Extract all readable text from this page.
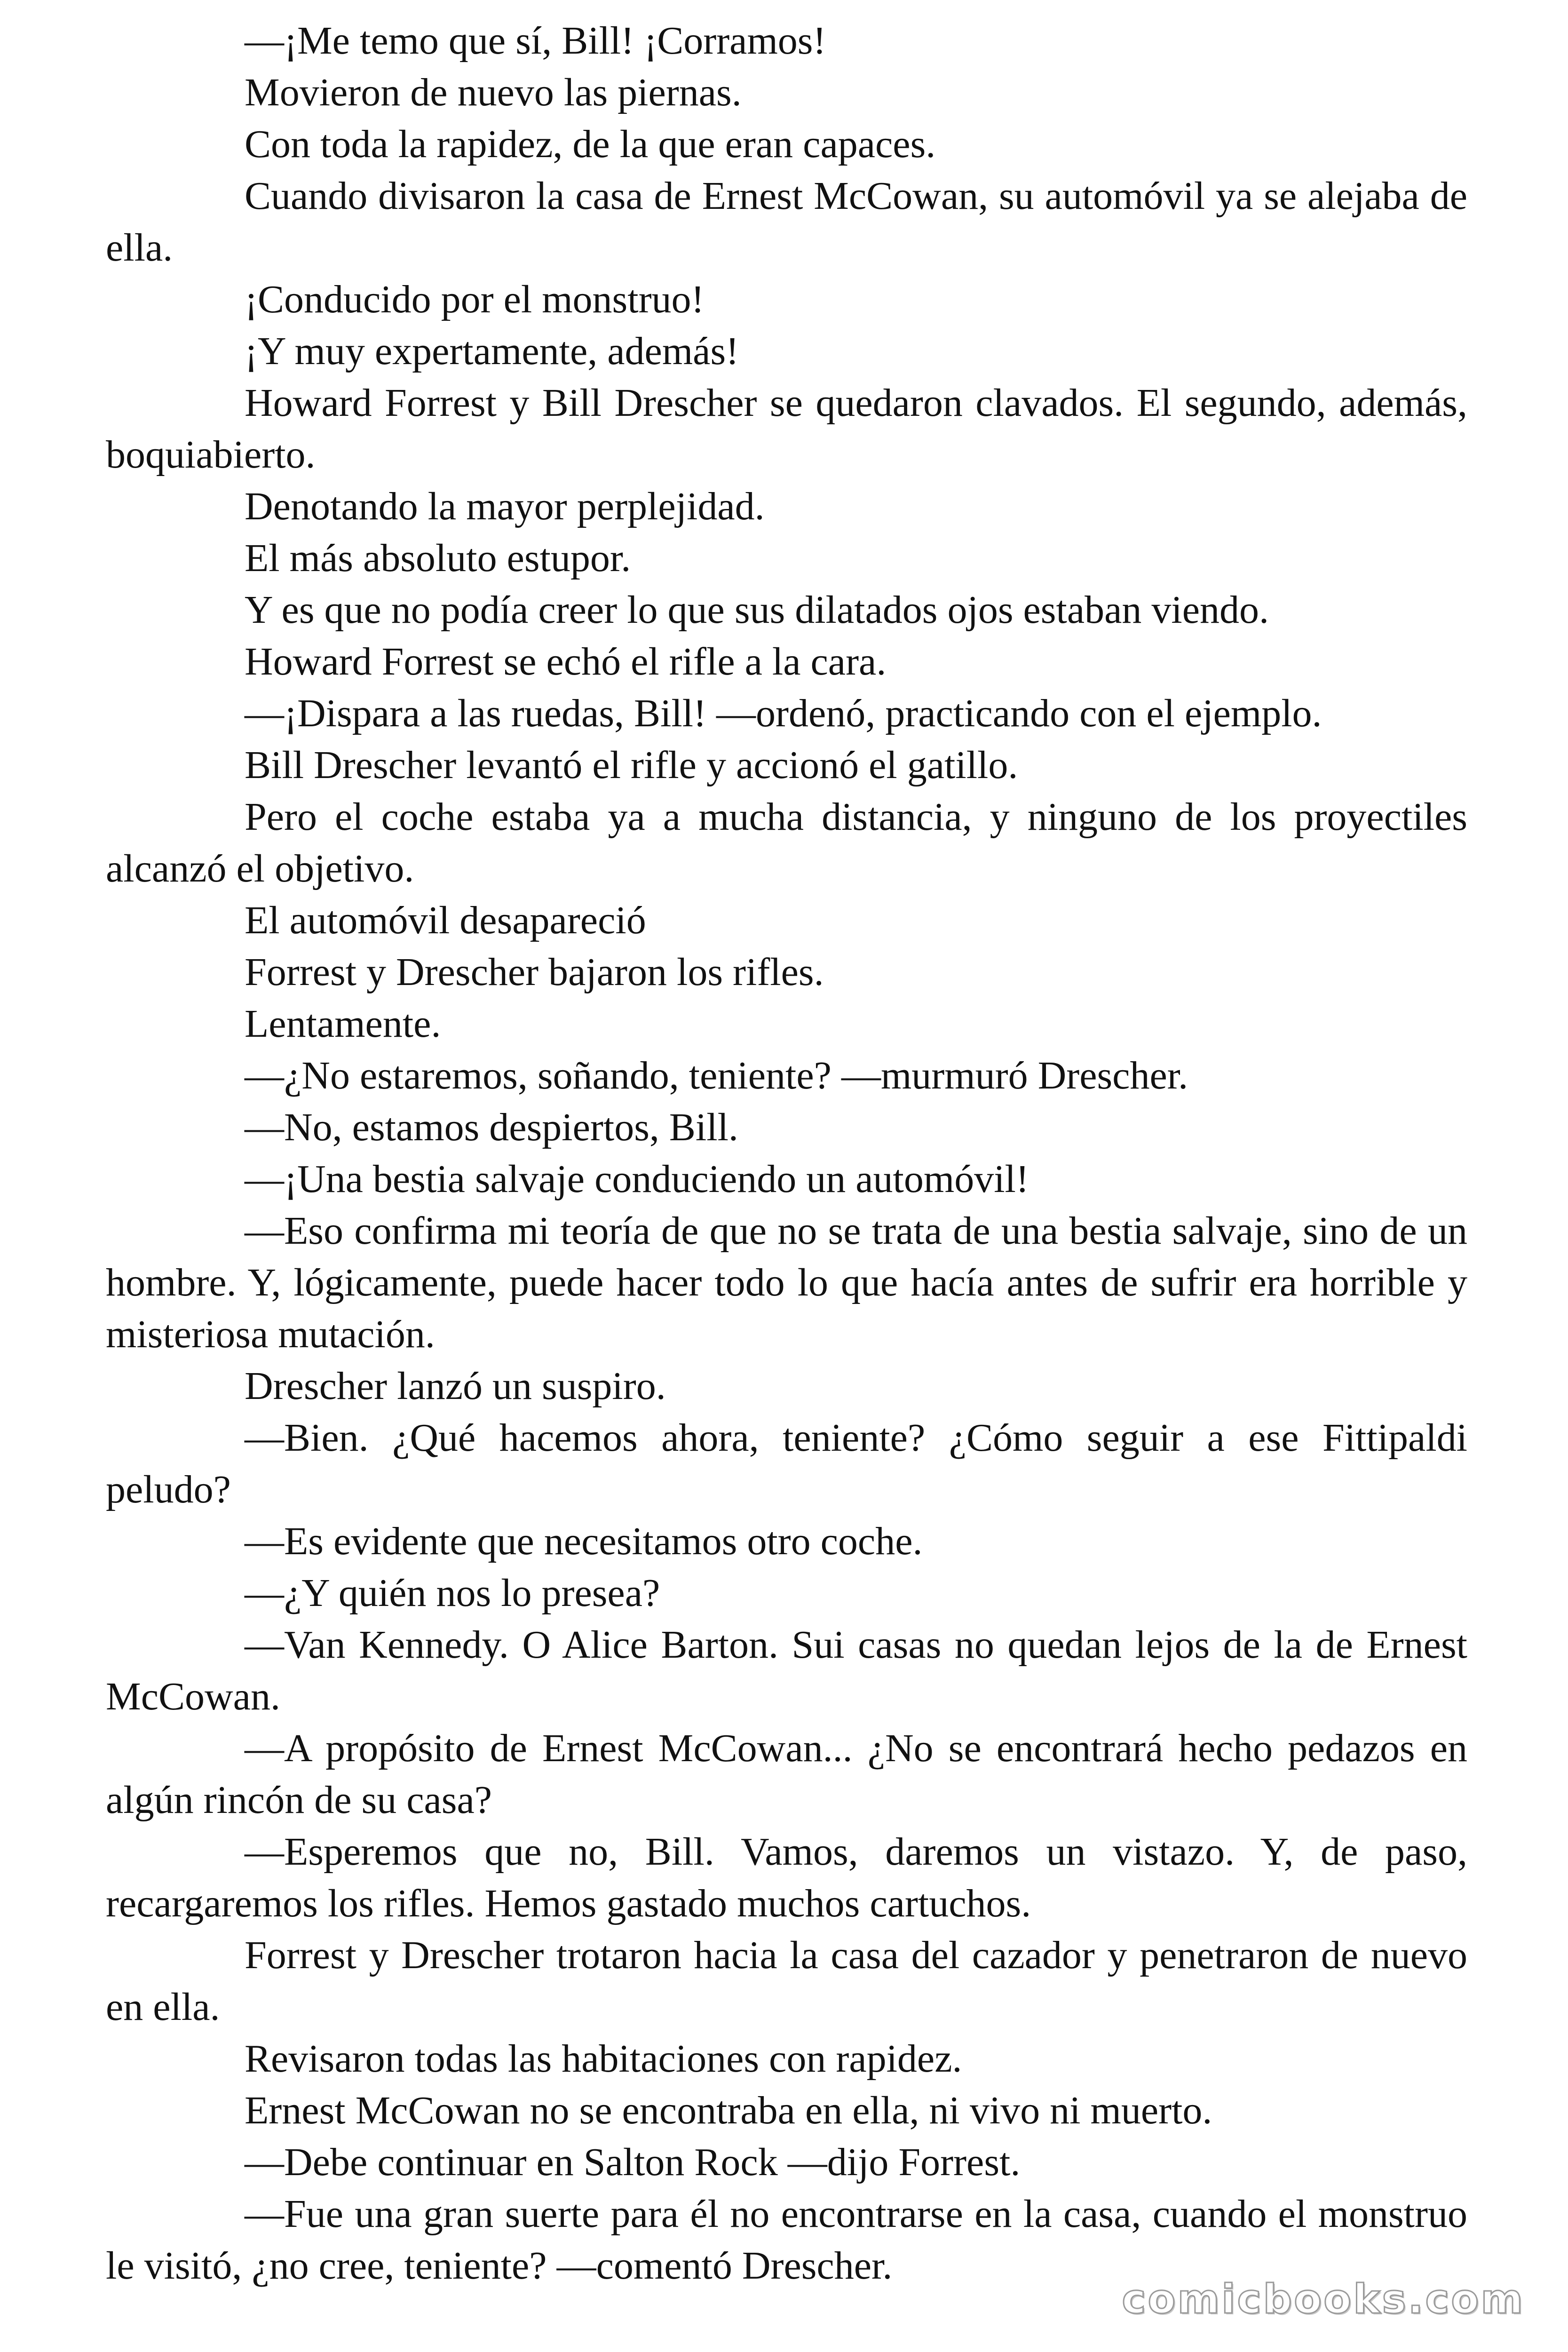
—¡Me temo que sí, Bill! ¡Corramos!

Movieron de nuevo las piernas.

Con toda la rapidez, de la que eran capaces.

Cuando divisaron la casa de Ernest McCowan, su automóvil ya se alejaba de ella.

¡Conducido por el monstruo!

¡Y muy expertamente, además!

Howard Forrest y Bill Drescher se quedaron clavados. El segundo, además, boquiabierto.

Denotando la mayor perplejidad.

El más absoluto estupor.

Y es que no podía creer lo que sus dilatados ojos estaban viendo.

Howard Forrest se echó el rifle a la cara.

—¡Dispara a las ruedas, Bill! —ordenó, practicando con el ejemplo.

Bill Drescher levantó el rifle y accionó el gatillo.

Pero el coche estaba ya a mucha distancia, y ninguno de los proyectiles alcanzó el objetivo.

El automóvil desapareció

Forrest y Drescher bajaron los rifles.

Lentamente.

—¿No estaremos, soñando, teniente? —murmuró Drescher.

—No, estamos despiertos, Bill.

—¡Una bestia salvaje conduciendo un automóvil!

—Eso confirma mi teoría de que no se trata de una bestia salvaje, sino de un hombre. Y, lógicamente, puede hacer todo lo que hacía antes de sufrir era horrible y misteriosa mutación.

Drescher lanzó un suspiro.

—Bien. ¿Qué hacemos ahora, teniente? ¿Cómo seguir a ese Fittipaldi peludo?

—Es evidente que necesitamos otro coche.

—¿Y quién nos lo presea?

—Van Kennedy. O Alice Barton. Sui casas no quedan lejos de la de Ernest McCowan.

—A propósito de Ernest McCowan... ¿No se encontrará hecho pedazos en algún rincón de su casa?

—Esperemos que no, Bill. Vamos, daremos un vistazo. Y, de paso, recargaremos los rifles. Hemos gastado muchos cartuchos.

Forrest y Drescher trotaron hacia la casa del cazador y penetraron de nuevo en ella.

Revisaron todas las habitaciones con rapidez.

Ernest McCowan no se encontraba en ella, ni vivo ni muerto.

—Debe continuar en Salton Rock —dijo Forrest.

—Fue una gran suerte para él no encontrarse en la casa, cuando el monstruo le visitó, ¿no cree, teniente? —comentó Drescher.

comicbooks.com
